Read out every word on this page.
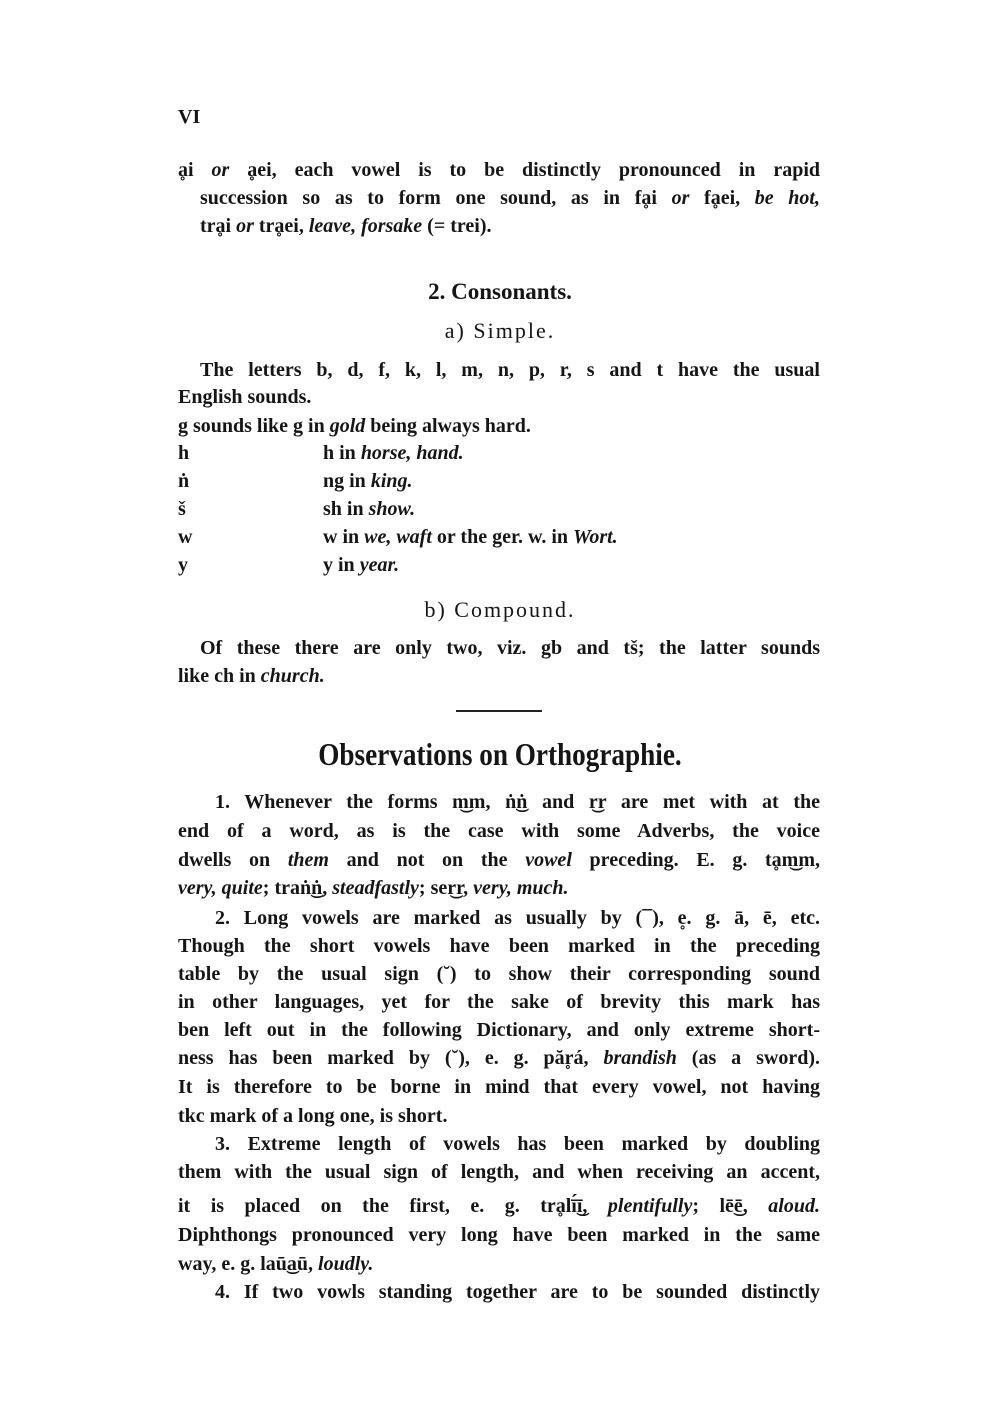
VI
ḁi or ḁei, each vowel is to be distinctly pronounced in rapid
succession so as to form one sound, as in fḁi or fḁei, be hot,
trḁi or trḁei, leave, forsake (= trei).
2. Consonants.
a) Simple.
The letters b, d, f, k, l, m, n, p, r, s and t have the usual
English sounds.
g sounds like g in gold being always hard.
h	h in horse, hand.
ṅ	ng in king.
š	sh in show.
w	w in we, waft or the ger. w. in Wort.
y	y in year.
b) Compound.
Of these there are only two, viz. gb and tš; the latter sounds
like ch in church.
Observations on Orthographie.
1. Whenever the forms m͜m, ṅ͜ṅ and r͜r are met with at the
end of a word, as is the case with some Adverbs, the voice
dwells on them and not on the vowel preceding. E. g. tḁm͜m,
very, quite; traṅ͜ṅ, steadfastly; ser͜r, very, much.
2. Long vowels are marked as usually by (¯), e̥. g. ā, ē, etc.
Though the short vowels have been marked in the preceding
table by the usual sign (˘) to show their corresponding sound
in other languages, yet for the sake of brevity this mark has
ben left out in the following Dictionary, and only extreme short-
ness has been marked by (˘), e. g. păr̥á, brandish (as a sword).
It is therefore to be borne in mind that every vowel, not having
tkc mark of a long one, is short.
3. Extreme length of vowels has been marked by doubling
them with the usual sign of length, and when receiving an accent,
it is placed on the first, e. g. trḁlī́͜ī, plentifully; lē͜ē, aloud.
Diphthongs pronounced very long have been marked in the same
way, e. g. laū͜aū, loudly.
4. If two vowls standing together are to be sounded distinctly
